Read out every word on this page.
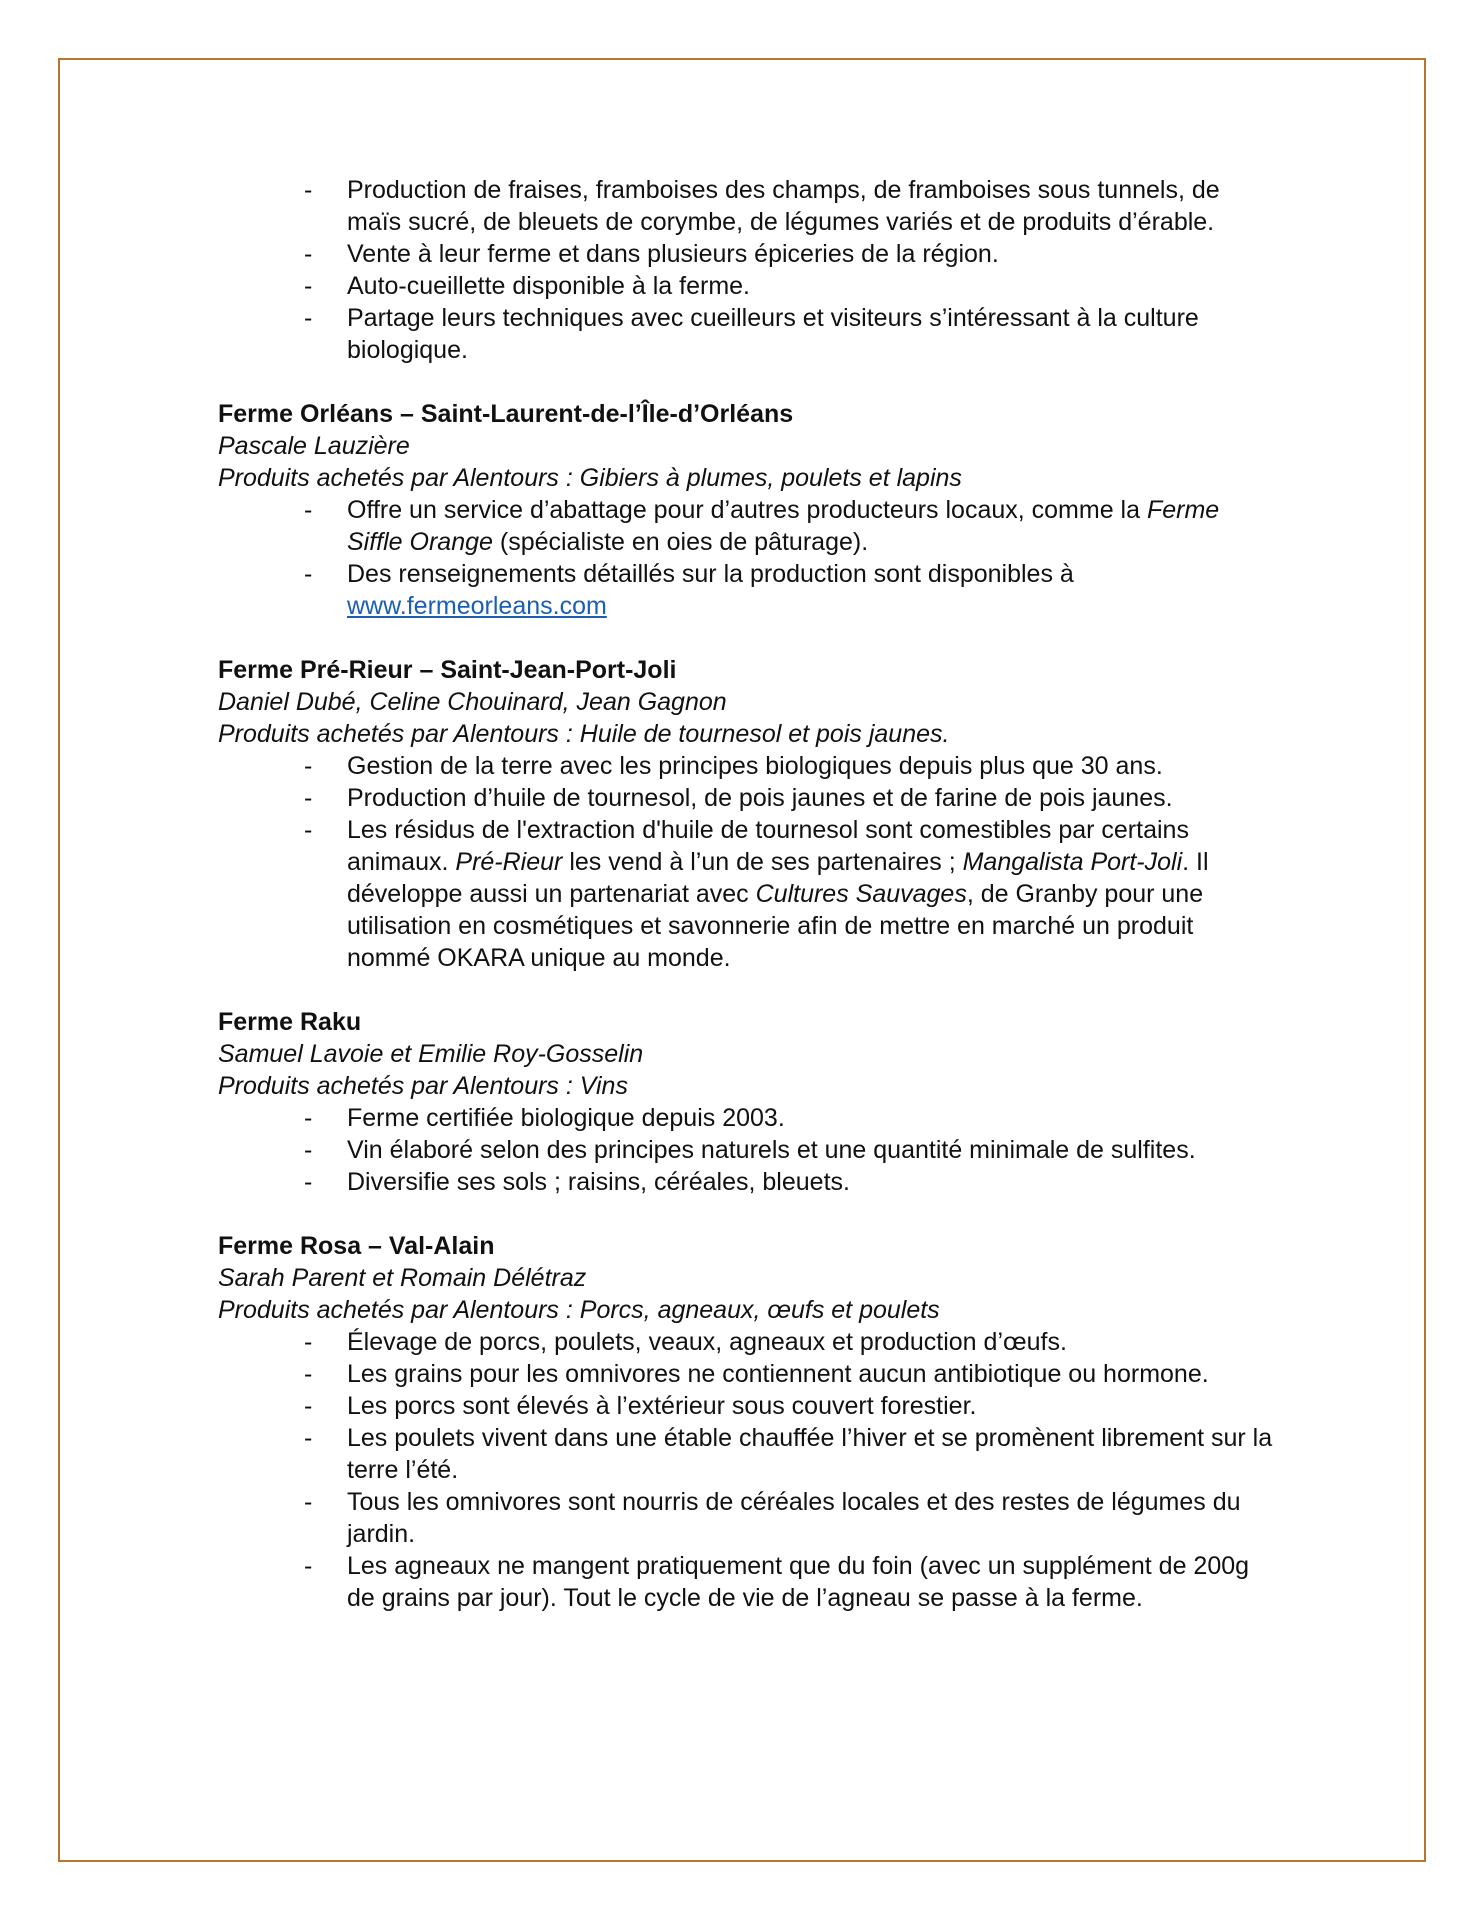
- Production de fraises, framboises des champs, de framboises sous tunnels, de maïs sucré, de bleuets de corymbe, de légumes variés et de produits d’érable.
- Vente à leur ferme et dans plusieurs épiceries de la région.
- Auto-cueillette disponible à la ferme.
- Partage leurs techniques avec cueilleurs et visiteurs s’intéressant à la culture biologique.
Ferme Orléans – Saint-Laurent-de-l’Île-d’Orléans
Pascale Lauzière
Produits achetés par Alentours : Gibiers à plumes, poulets et lapins
- Offre un service d’abattage pour d’autres producteurs locaux, comme la Ferme Siffle Orange (spécialiste en oies de pâturage).
- Des renseignements détaillés sur la production sont disponibles à www.fermeorleans.com
Ferme Pré-Rieur – Saint-Jean-Port-Joli
Daniel Dubé, Celine Chouinard, Jean Gagnon
Produits achetés par Alentours : Huile de tournesol et pois jaunes.
- Gestion de la terre avec les principes biologiques depuis plus que 30 ans.
- Production d’huile de tournesol, de pois jaunes et de farine de pois jaunes.
- Les résidus de l'extraction d'huile de tournesol sont comestibles par certains animaux. Pré-Rieur les vend à l’un de ses partenaires ; Mangalista Port-Joli. Il développe aussi un partenariat avec Cultures Sauvages, de Granby pour une utilisation en cosmétiques et savonnerie afin de mettre en marché un produit nommé OKARA unique au monde.
Ferme Raku
Samuel Lavoie et Emilie Roy-Gosselin
Produits achetés par Alentours : Vins
- Ferme certifiée biologique depuis 2003.
- Vin élaboré selon des principes naturels et une quantité minimale de sulfites.
- Diversifie ses sols ; raisins, céréales, bleuets.
Ferme Rosa – Val-Alain
Sarah Parent et Romain Délétraz
Produits achetés par Alentours : Porcs, agneaux, œufs et poulets
- Élevage de porcs, poulets, veaux, agneaux et production d’œufs.
- Les grains pour les omnivores ne contiennent aucun antibiotique ou hormone.
- Les porcs sont élevés à l’extérieur sous couvert forestier.
- Les poulets vivent dans une étable chauffée l’hiver et se promènent librement sur la terre l’été.
- Tous les omnivores sont nourris de céréales locales et des restes de légumes du jardin.
- Les agneaux ne mangent pratiquement que du foin (avec un supplément de 200g de grains par jour). Tout le cycle de vie de l’agneau se passe à la ferme.
